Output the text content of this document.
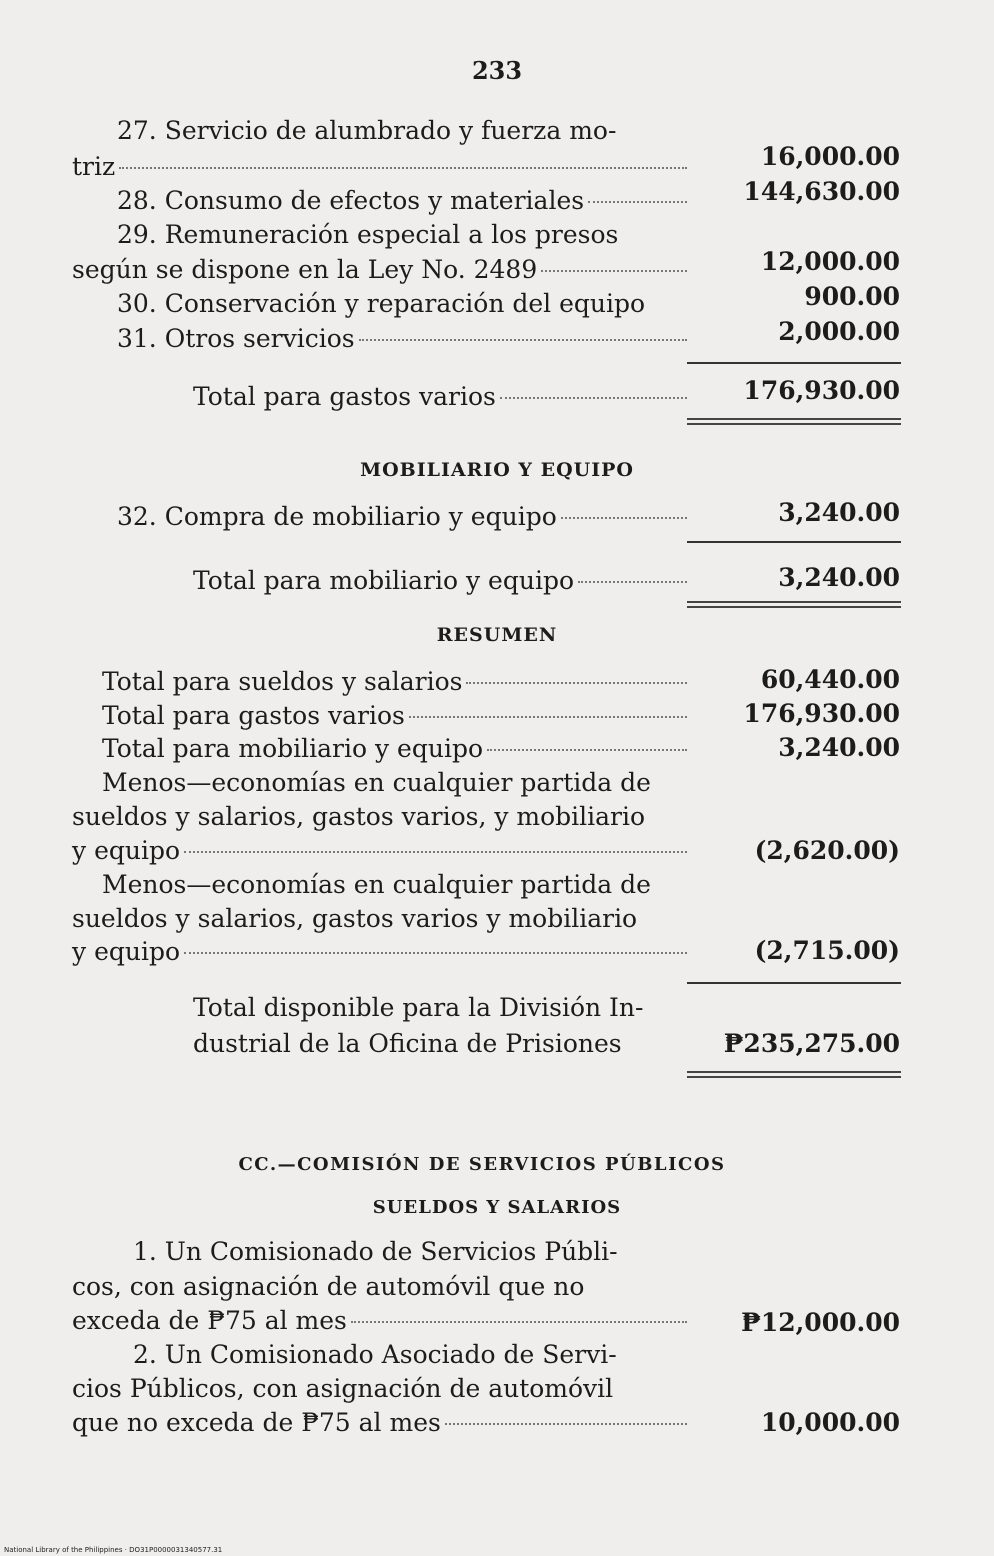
233
27. Servicio de alumbrado y fuerza mo-
triz	16,000.00
28. Consumo de efectos y materiales	144,630.00
29. Remuneración especial a los presos
según se dispone en la Ley No. 2489	12,000.00
30. Conservación y reparación del equipo	900.00
31. Otros servicios	2,000.00
Total para gastos varios	176,930.00
MOBILIARIO Y EQUIPO
32. Compra de mobiliario y equipo	3,240.00
Total para mobiliario y equipo	3,240.00
RESUMEN
Total para sueldos y salarios	60,440.00
Total para gastos varios	176,930.00
Total para mobiliario y equipo	3,240.00
Menos—economías en cualquier partida de
sueldos y salarios, gastos varios, y mobiliario
y equipo	(2,620.00)
Menos—economías en cualquier partida de
sueldos y salarios, gastos varios y mobiliario
y equipo	(2,715.00)
Total disponible para la División In-
dustrial de la Oficina de Prisiones	₱235,275.00
CC.—COMISIÓN DE SERVICIOS PÚBLICOS
SUELDOS Y SALARIOS
1. Un Comisionado de Servicios Públi-
cos, con asignación de automóvil que no
exceda de ₱75 al mes	₱12,000.00
2. Un Comisionado Asociado de Servi-
cios Públicos, con asignación de automóvil
que no exceda de ₱75 al mes	10,000.00
National Library of the Philippines · DO31P0000031340577.31
